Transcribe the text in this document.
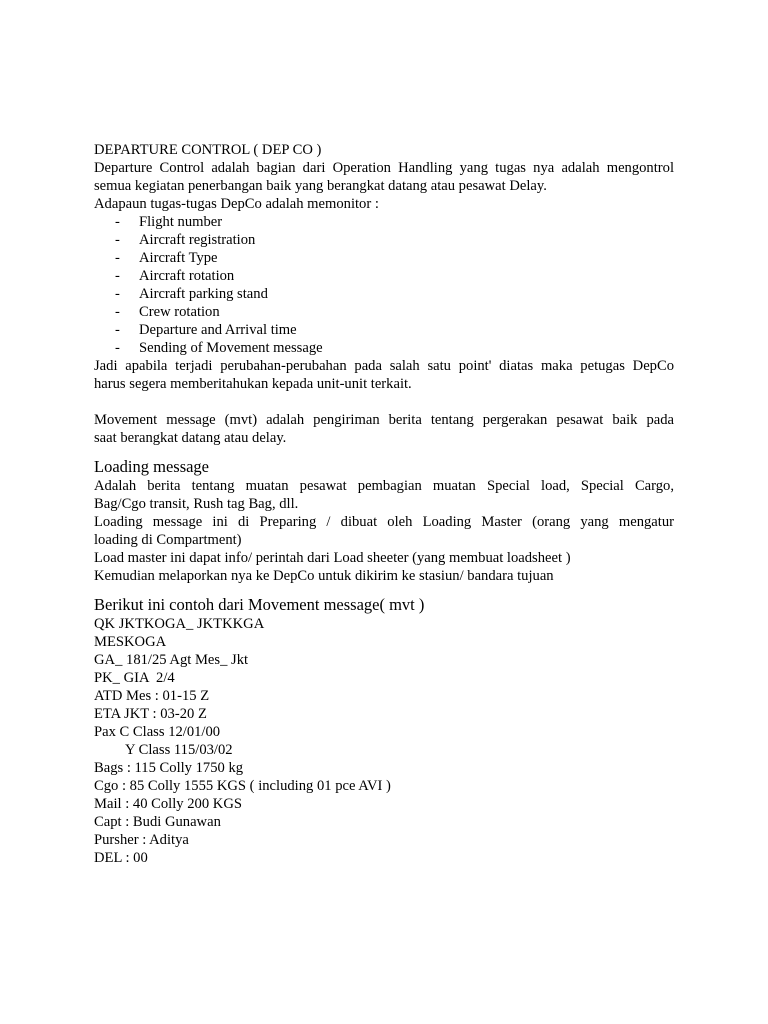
DEPARTURE CONTROL ( DEP CO )
Departure Control adalah bagian dari Operation Handling yang tugas nya adalah mengontrol
semua kegiatan penerbangan baik yang berangkat datang atau pesawat Delay.
Adapaun tugas-tugas DepCo adalah memonitor :
-	Flight number
-	Aircraft registration
-	Aircraft Type
-	Aircraft rotation
-	Aircraft parking stand
-	Crew rotation
-	Departure and Arrival time
-	Sending of Movement message
Jadi apabila terjadi perubahan-perubahan pada salah satu point' diatas maka petugas DepCo
harus segera memberitahukan kepada unit-unit terkait.
Movement message (mvt) adalah pengiriman berita tentang pergerakan pesawat baik pada
saat berangkat datang atau delay.
Loading message
Adalah berita tentang muatan pesawat pembagian muatan Special load, Special Cargo,
Bag/Cgo transit, Rush tag Bag, dll.
Loading message ini di Preparing / dibuat oleh Loading Master (orang yang mengatur
loading di Compartment)
Load master ini dapat info/ perintah dari Load sheeter (yang membuat loadsheet )
Kemudian melaporkan nya ke DepCo untuk dikirim ke stasiun/ bandara tujuan
Berikut ini contoh dari Movement message( mvt )
QK JKTKOGA_ JKTKKGA
MESKOGA
GA_ 181/25 Agt Mes_ Jkt
PK_ GIA  2/4
ATD Mes : 01-15 Z
ETA JKT : 03-20 Z
Pax C Class 12/01/00
Y Class 115/03/02
Bags : 115 Colly 1750 kg
Cgo : 85 Colly 1555 KGS ( including 01 pce AVI )
Mail : 40 Colly 200 KGS
Capt : Budi Gunawan
Pursher : Aditya
DEL : 00
